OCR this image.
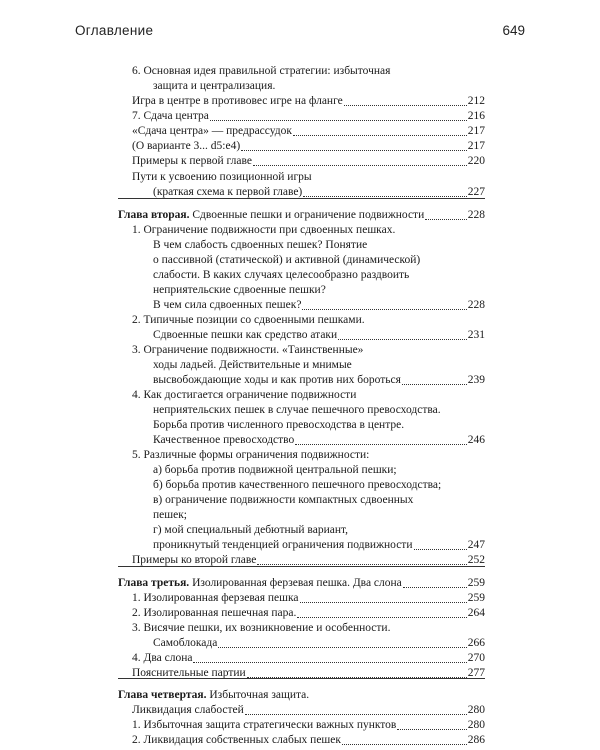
Оглавление	649
6. Основная идея правильной стратегии: избыточная
защита и централизация.
Игра в центре в противовес игре на фланге	212
7. Сдача центра	216
«Сдача центра» — предрассудок	217
(О варианте 3... d5:e4)	217
Примеры к первой главе	220
Пути к усвоению позиционной игры
(краткая схема к первой главе)	227
Глава вторая. Сдвоенные пешки и ограничение подвижности	228
1. Ограничение подвижности при сдвоенных пешках.
В чем слабость сдвоенных пешек? Понятие
о пассивной (статической) и активной (динамической)
слабости. В каких случаях целесообразно раздвоить
неприятельские сдвоенные пешки?
В чем сила сдвоенных пешек?	228
2. Типичные позиции со сдвоенными пешками.
Сдвоенные пешки как средство атаки	231
3. Ограничение подвижности. «Таинственные»
ходы ладьей. Действительные и мнимые
высвобождающие ходы и как против них бороться	239
4. Как достигается ограничение подвижности
неприятельских пешек в случае пешечного превосходства.
Борьба против численного превосходства в центре.
Качественное превосходство	246
5. Различные формы ограничения подвижности:
а) борьба против подвижной центральной пешки;
б) борьба против качественного пешечного превосходства;
в) ограничение подвижности компактных сдвоенных
пешек;
г) мой специальный дебютный вариант,
проникнутый тенденцией ограничения подвижности	247
Примеры ко второй главе	252
Глава третья. Изолированная ферзевая пешка. Два слона	259
1. Изолированная ферзевая пешка	259
2. Изолированная пешечная пара.	264
3. Висячие пешки, их возникновение и особенности.
Самоблокада	266
4. Два слона	270
Пояснительные партии	277
Глава четвертая. Избыточная защита.
Ликвидация слабостей	280
1. Избыточная защита стратегически важных пунктов	280
2. Ликвидация собственных слабых пешек	286
